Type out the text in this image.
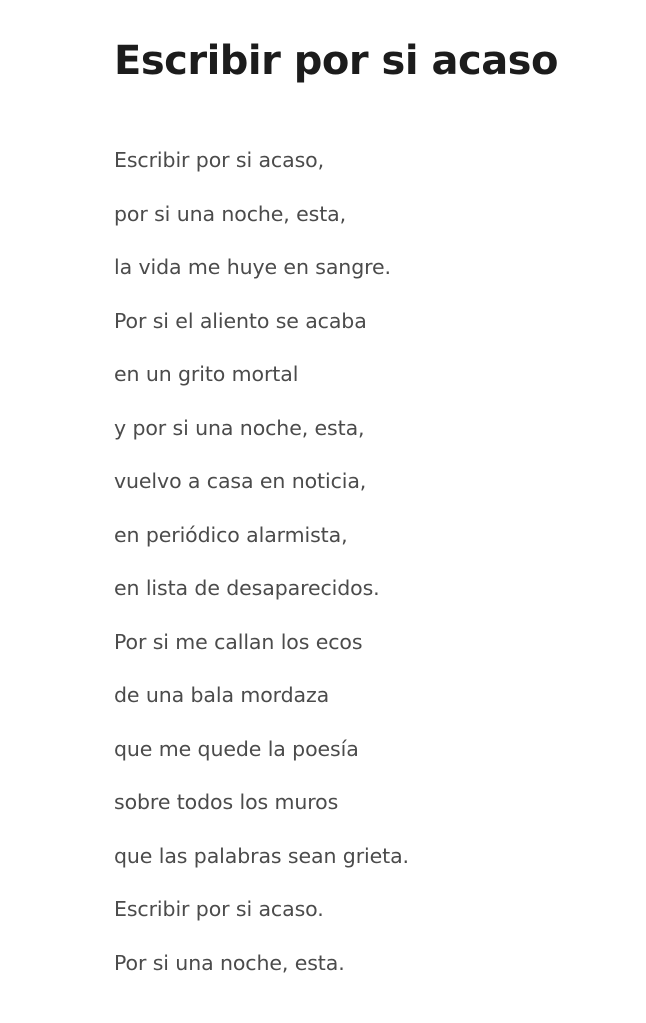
Escribir por si acaso
Escribir por si acaso,
por si una noche, esta,
la vida me huye en sangre.
Por si el aliento se acaba
en un grito mortal
y por si una noche, esta,
vuelvo a casa en noticia,
en periódico alarmista,
en lista de desaparecidos.
Por si me callan los ecos
de una bala mordaza
que me quede la poesía
sobre todos los muros
que las palabras sean grieta.
Escribir por si acaso.
Por si una noche, esta.
